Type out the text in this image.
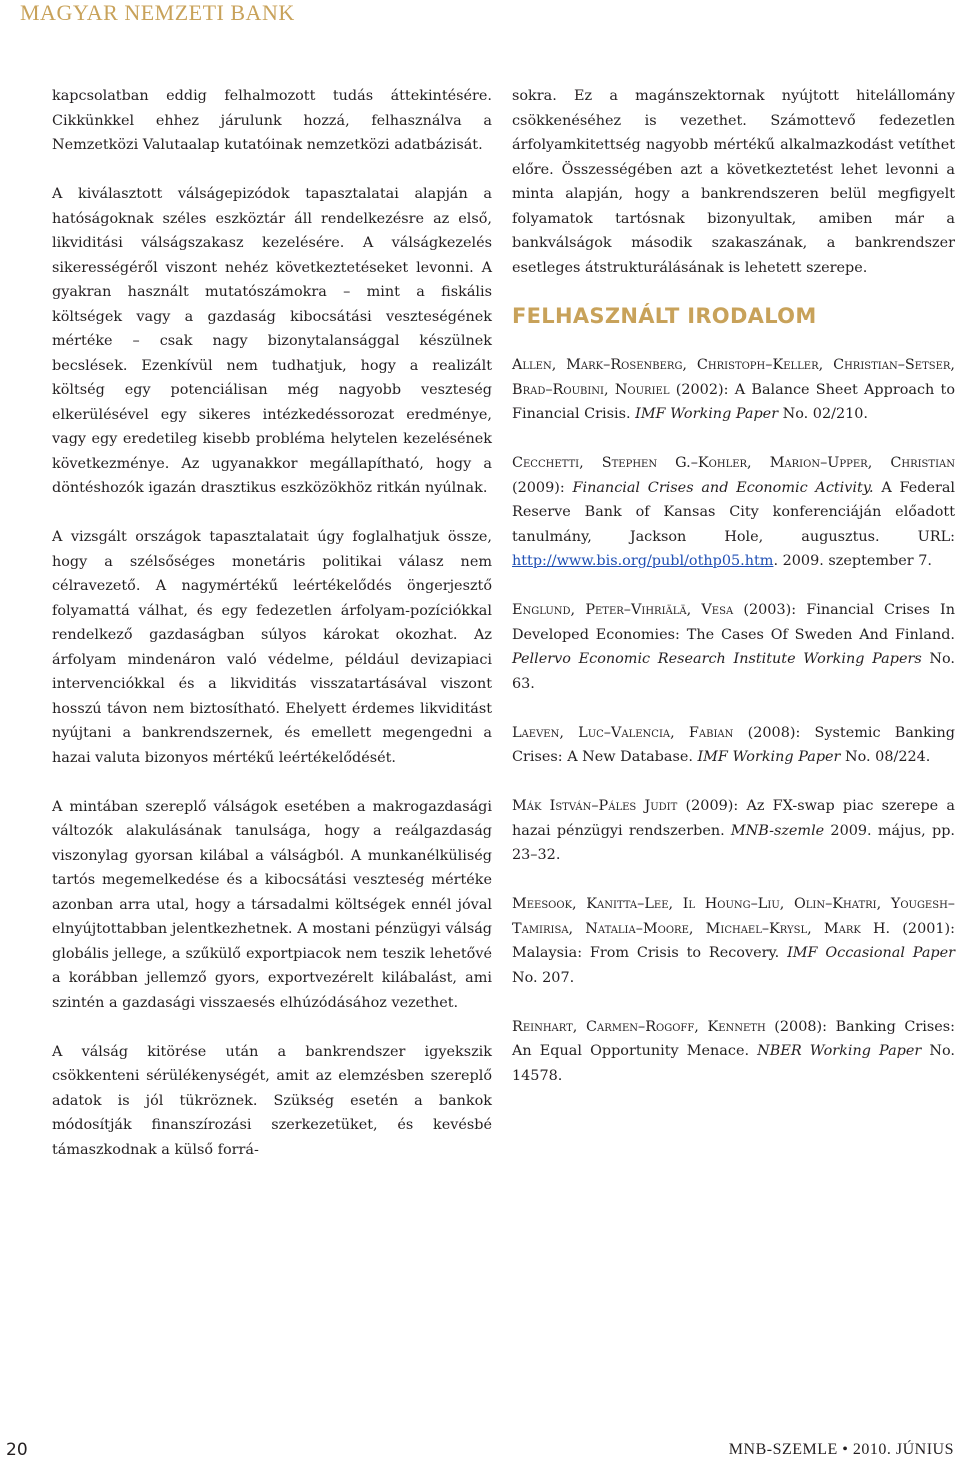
MAGYAR NEMZETI BANK

kapcsolatban eddig felhalmozott tudás áttekintésére. Cikkünkkel ehhez járulunk hozzá, felhasználva a Nemzetközi Valutaalap kutatóinak nemzetközi adatbázisát.

A kiválasztott válságepizódok tapasztalatai alapján a hatóságoknak széles eszköztár áll rendelkezésre az első, likviditási válságszakasz kezelésére. A válságkezelés sikerességéről viszont nehéz következtetéseket levonni. A gyakran használt mutatószámokra – mint a fiskális költségek vagy a gazdaság kibocsátási veszteségének mértéke – csak nagy bizonytalansággal készülnek becslések. Ezenkívül nem tudhatjuk, hogy a realizált költség egy potenciálisan még nagyobb veszteség elkerülésével egy sikeres intézkedéssorozat eredménye, vagy egy eredetileg kisebb probléma helytelen kezelésének következménye. Az ugyanakkor megállapítható, hogy a döntéshozók igazán drasztikus eszközökhöz ritkán nyúlnak.

A vizsgált országok tapasztalatait úgy foglalhatjuk össze, hogy a szélsőséges monetáris politikai válasz nem célravezető. A nagymértékű leértékelődés öngerjesztő folyamattá válhat, és egy fedezetlen árfolyam-pozíciókkal rendelkező gazdaságban súlyos károkat okozhat. Az árfolyam mindenáron való védelme, például devizapiaci intervenciókkal és a likviditás visszatartásával viszont hosszú távon nem biztosítható. Ehelyett érdemes likviditást nyújtani a bankrendszernek, és emellett megengedni a hazai valuta bizonyos mértékű leértékelődését.

A mintában szereplő válságok esetében a makrogazdasági változók alakulásának tanulsága, hogy a reálgazdaság viszonylag gyorsan kilábal a válságból. A munkanélküliség tartós megemelkedése és a kibocsátási veszteség mértéke azonban arra utal, hogy a társadalmi költségek ennél jóval elnyújtottabban jelentkezhetnek. A mostani pénzügyi válság globális jellege, a szűkülő exportpiacok nem teszik lehetővé a korábban jellemző gyors, exportvezérelt kilábalást, ami szintén a gazdasági visszaesés elhúzódásához vezethet.

A válság kitörése után a bankrendszer igyekszik csökkenteni sérülékenységét, amit az elemzésben szereplő adatok is jól tükröznek. Szükség esetén a bankok módosítják finanszírozási szerkezetüket, és kevésbé támaszkodnak a külső forrá-

sokra. Ez a magánszektornak nyújtott hitelállomány csökkenéséhez is vezethet. Számottevő fedezetlen árfolyamkitettség nagyobb mértékű alkalmazkodást vetíthet előre. Összességében azt a következtetést lehet levonni a minta alapján, hogy a bankrendszeren belül megfigyelt folyamatok tartósnak bizonyultak, amiben már a bankválságok második szakaszának, a bankrendszer esetleges átstrukturálásának is lehetett szerepe.

FELHASZNÁLT IRODALOM

Allen, Mark–Rosenberg, Christoph–Keller, Christian–Setser, Brad–Roubini, Nouriel (2002): A Balance Sheet Approach to Financial Crisis. IMF Working Paper No. 02/210.

Cecchetti, Stephen G.–Kohler, Marion–Upper, Christian (2009): Financial Crises and Economic Activity. A Federal Reserve Bank of Kansas City konferenciáján előadott tanulmány, Jackson Hole, augusztus. URL: http://www.bis.org/publ/othp05.htm. 2009. szeptember 7.

Englund, Peter–Vihriälä, Vesa (2003): Financial Crises In Developed Economies: The Cases Of Sweden And Finland. Pellervo Economic Research Institute Working Papers No. 63.

Laeven, Luc–Valencia, Fabian (2008): Systemic Banking Crises: A New Database. IMF Working Paper No. 08/224.

Mák István–Páles Judit (2009): Az FX-swap piac szerepe a hazai pénzügyi rendszerben. MNB-szemle 2009. május, pp. 23–32.

Meesook, Kanitta–Lee, Il Houng–Liu, Olin–Khatri, Yougesh–Tamirisa, Natalia–Moore, Michael–Krysl, Mark H. (2001): Malaysia: From Crisis to Recovery. IMF Occasional Paper No. 207.

Reinhart, Carmen–Rogoff, Kenneth (2008): Banking Crises: An Equal Opportunity Menace. NBER Working Paper No. 14578.

20	MNB-SZEMLE • 2010. JÚNIUS
